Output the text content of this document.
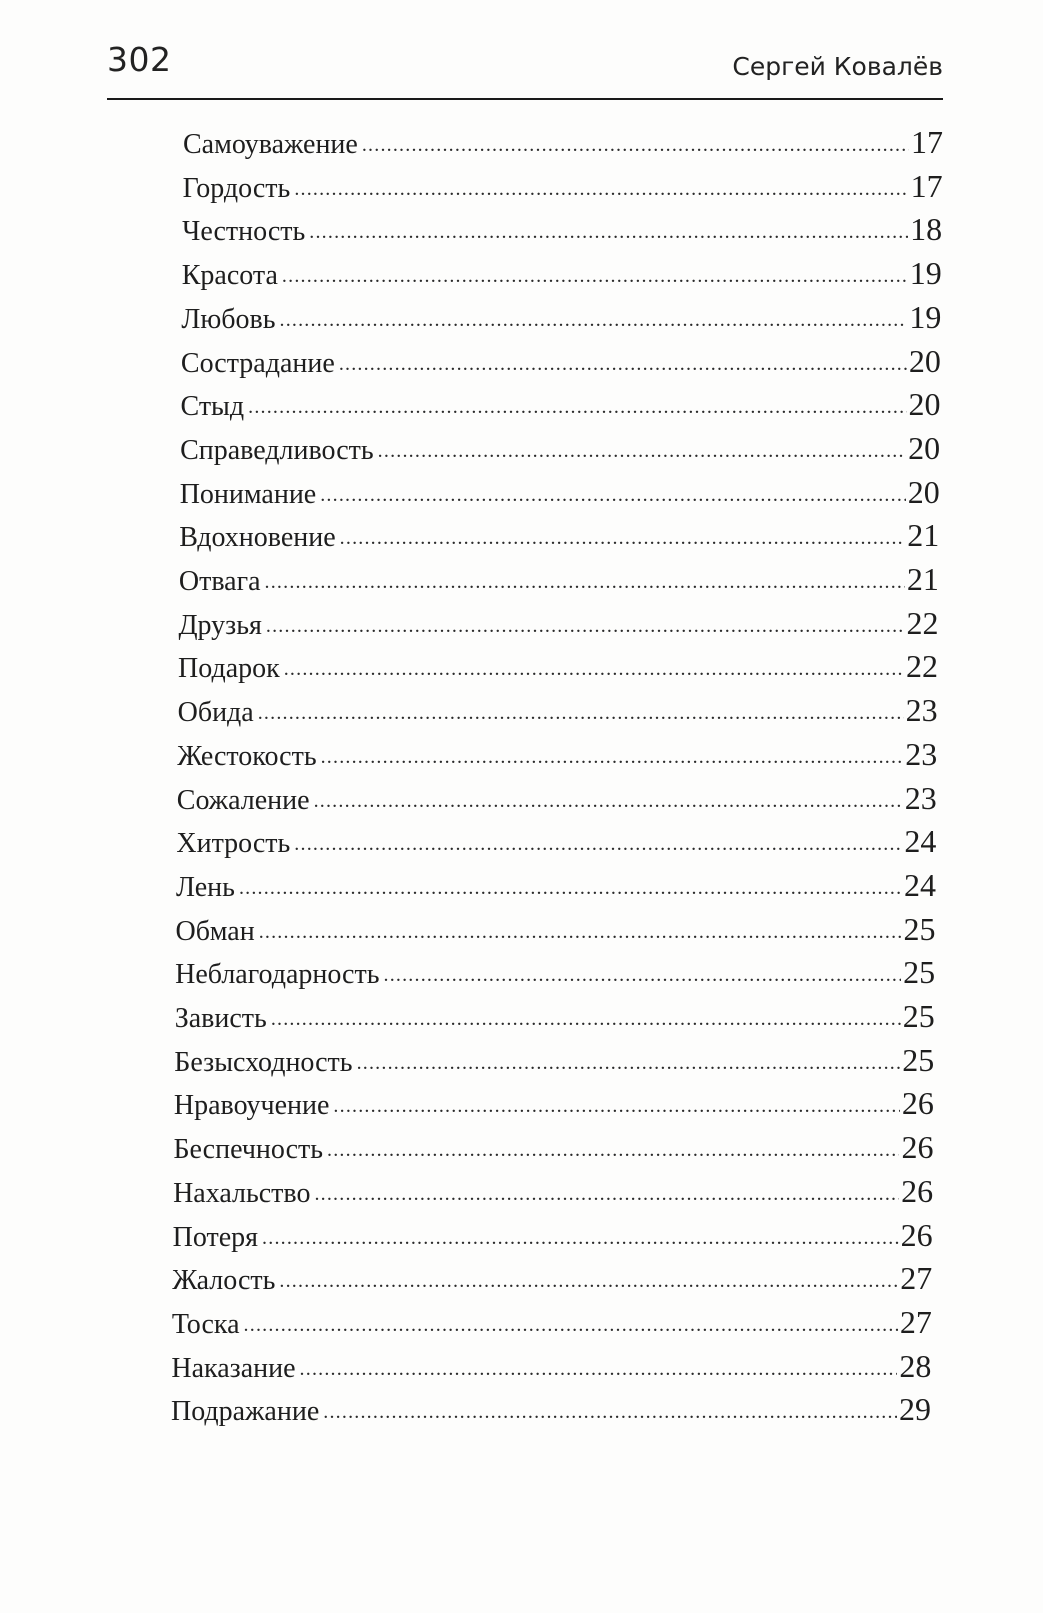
302	Сергей Ковалёв
Самоуважение .....	17
Гордость .....	17
Честность .....	18
Красота .....	19
Любовь .....	19
Сострадание .....	20
Стыд .....	20
Справедливость .....	20
Понимание .....	20
Вдохновение .....	21
Отвага .....	21
Друзья .....	22
Подарок .....	22
Обида .....	23
Жестокость .....	23
Сожаление .....	23
Хитрость .....	24
Лень .....	24
Обман .....	25
Неблагодарность .....	25
Зависть .....	25
Безысходность .....	25
Нравоучение .....	26
Беспечность .....	26
Нахальство .....	26
Потеря .....	26
Жалость .....	27
Тоска .....	27
Наказание .....	28
Подражание .....	29
